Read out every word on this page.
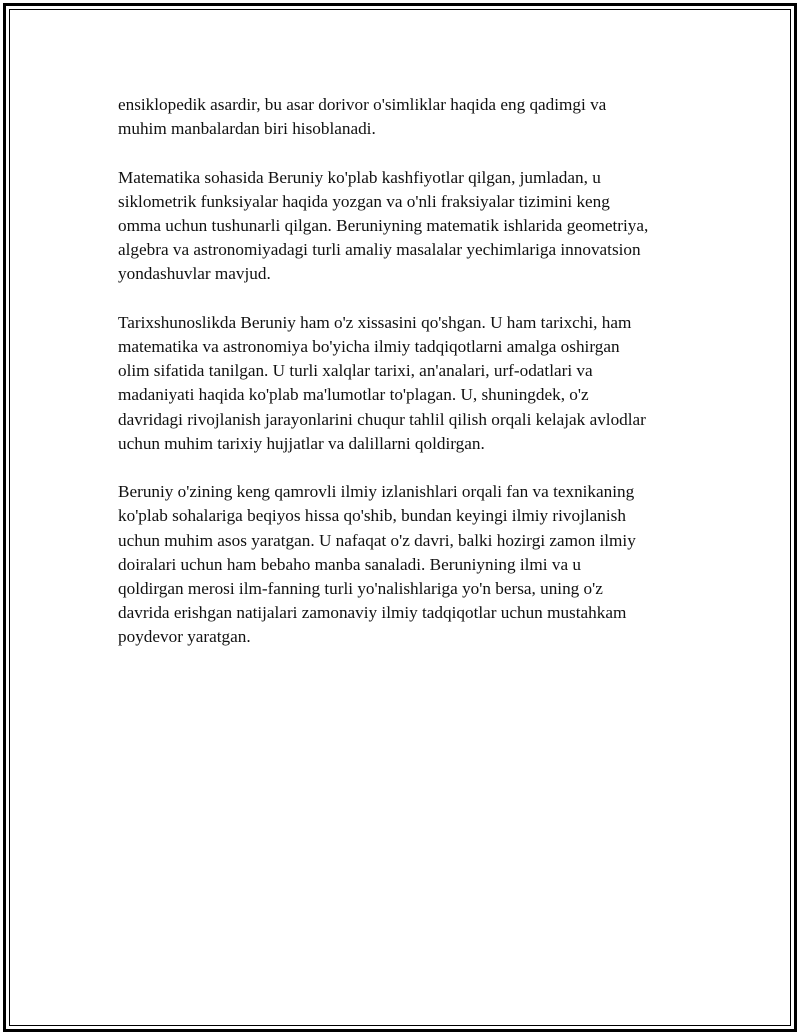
ensiklopedik asardir, bu asar dorivor o'simliklar haqida eng qadimgi va
muhim manbalardan biri hisoblanadi.
Matematika sohasida Beruniy ko'plab kashfiyotlar qilgan, jumladan, u
siklometrik funksiyalar haqida yozgan va o'nli fraksiyalar tizimini keng
omma uchun tushunarli qilgan. Beruniyning matematik ishlarida geometriya,
algebra va astronomiyadagi turli amaliy masalalar yechimlariga innovatsion
yondashuvlar mavjud.
Tarixshunoslikda Beruniy ham o'z xissasini qo'shgan. U ham tarixchi, ham
matematika va astronomiya bo'yicha ilmiy tadqiqotlarni amalga oshirgan
olim sifatida tanilgan. U turli xalqlar tarixi, an'analari, urf-odatlari va
madaniyati haqida ko'plab ma'lumotlar to'plagan. U, shuningdek, o'z
davridagi rivojlanish jarayonlarini chuqur tahlil qilish orqali kelajak avlodlar
uchun muhim tarixiy hujjatlar va dalillarni qoldirgan.
Beruniy o'zining keng qamrovli ilmiy izlanishlari orqali fan va texnikaning
ko'plab sohalariga beqiyos hissa qo'shib, bundan keyingi ilmiy rivojlanish
uchun muhim asos yaratgan. U nafaqat o'z davri, balki hozirgi zamon ilmiy
doiralari uchun ham bebaho manba sanaladi. Beruniyning ilmi va u
qoldirgan merosi ilm-fanning turli yo'nalishlariga yo'n bersa, uning o'z
davrida erishgan natijalari zamonaviy ilmiy tadqiqotlar uchun mustahkam
poydevor yaratgan.
